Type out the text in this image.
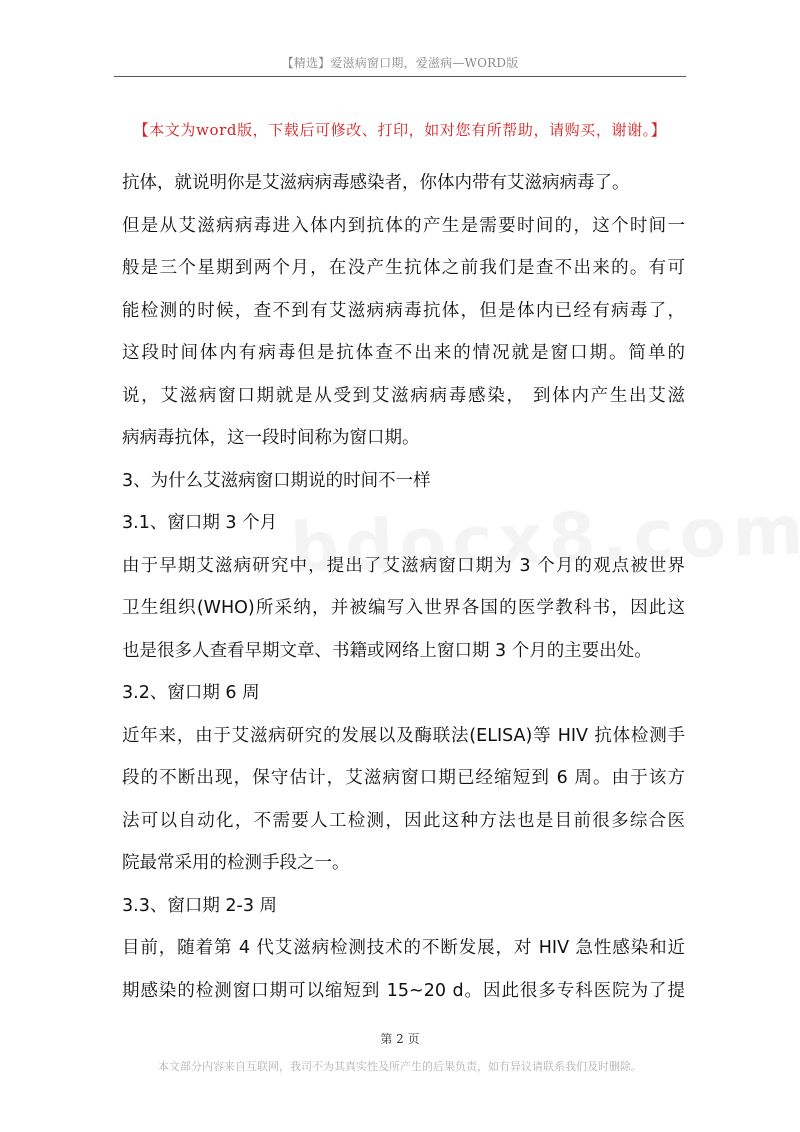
【精选】爱滋病窗口期，爱滋病—WORD版
【本文为word版，下载后可修改、打印，如对您有所帮助，请购买，谢谢。】
抗体，就说明你是艾滋病病毒感染者，你体内带有艾滋病病毒了。
但是从艾滋病病毒进入体内到抗体的产生是需要时间的，这个时间一
般是三个星期到两个月，在没产生抗体之前我们是查不出来的。有可
能检测的时候，查不到有艾滋病病毒抗体，但是体内已经有病毒了，
这段时间体内有病毒但是抗体查不出来的情况就是窗口期。简单的
说，艾滋病窗口期就是从受到艾滋病病毒感染， 到体内产生出艾滋
病病毒抗体，这一段时间称为窗口期。
3、为什么艾滋病窗口期说的时间不一样
3.1、窗口期 3 个月
由于早期艾滋病研究中，提出了艾滋病窗口期为 3 个月的观点被世界
卫生组织(WHO)所采纳，并被编写入世界各国的医学教科书，因此这
也是很多人查看早期文章、书籍或网络上窗口期 3 个月的主要出处。
3.2、窗口期 6 周
近年来，由于艾滋病研究的发展以及酶联法(ELISA)等 HIV 抗体检测手
段的不断出现，保守估计，艾滋病窗口期已经缩短到 6 周。由于该方
法可以自动化，不需要人工检测，因此这种方法也是目前很多综合医
院最常采用的检测手段之一。
3.3、窗口期 2-3 周
目前，随着第 4 代艾滋病检测技术的不断发展，对 HIV 急性感染和近
期感染的检测窗口期可以缩短到 15~20 d。因此很多专科医院为了提
第 2 页
本文部分内容来自互联网，我司不为其真实性及所产生的后果负责，如有异议请联系我们及时删除。
